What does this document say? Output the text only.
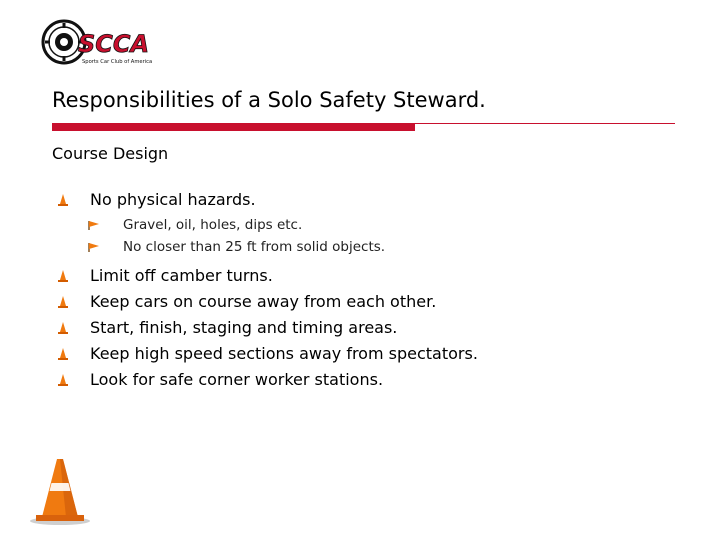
SCCA
Sports Car Club of America
Responsibilities of a Solo Safety Steward.
Course Design
No physical hazards.
Gravel, oil, holes, dips etc.
No closer than 25 ft from solid objects.
Limit off camber turns.
Keep cars on course away from each other.
Start, finish, staging and timing areas.
Keep high speed sections away from spectators.
Look for safe corner worker stations.
